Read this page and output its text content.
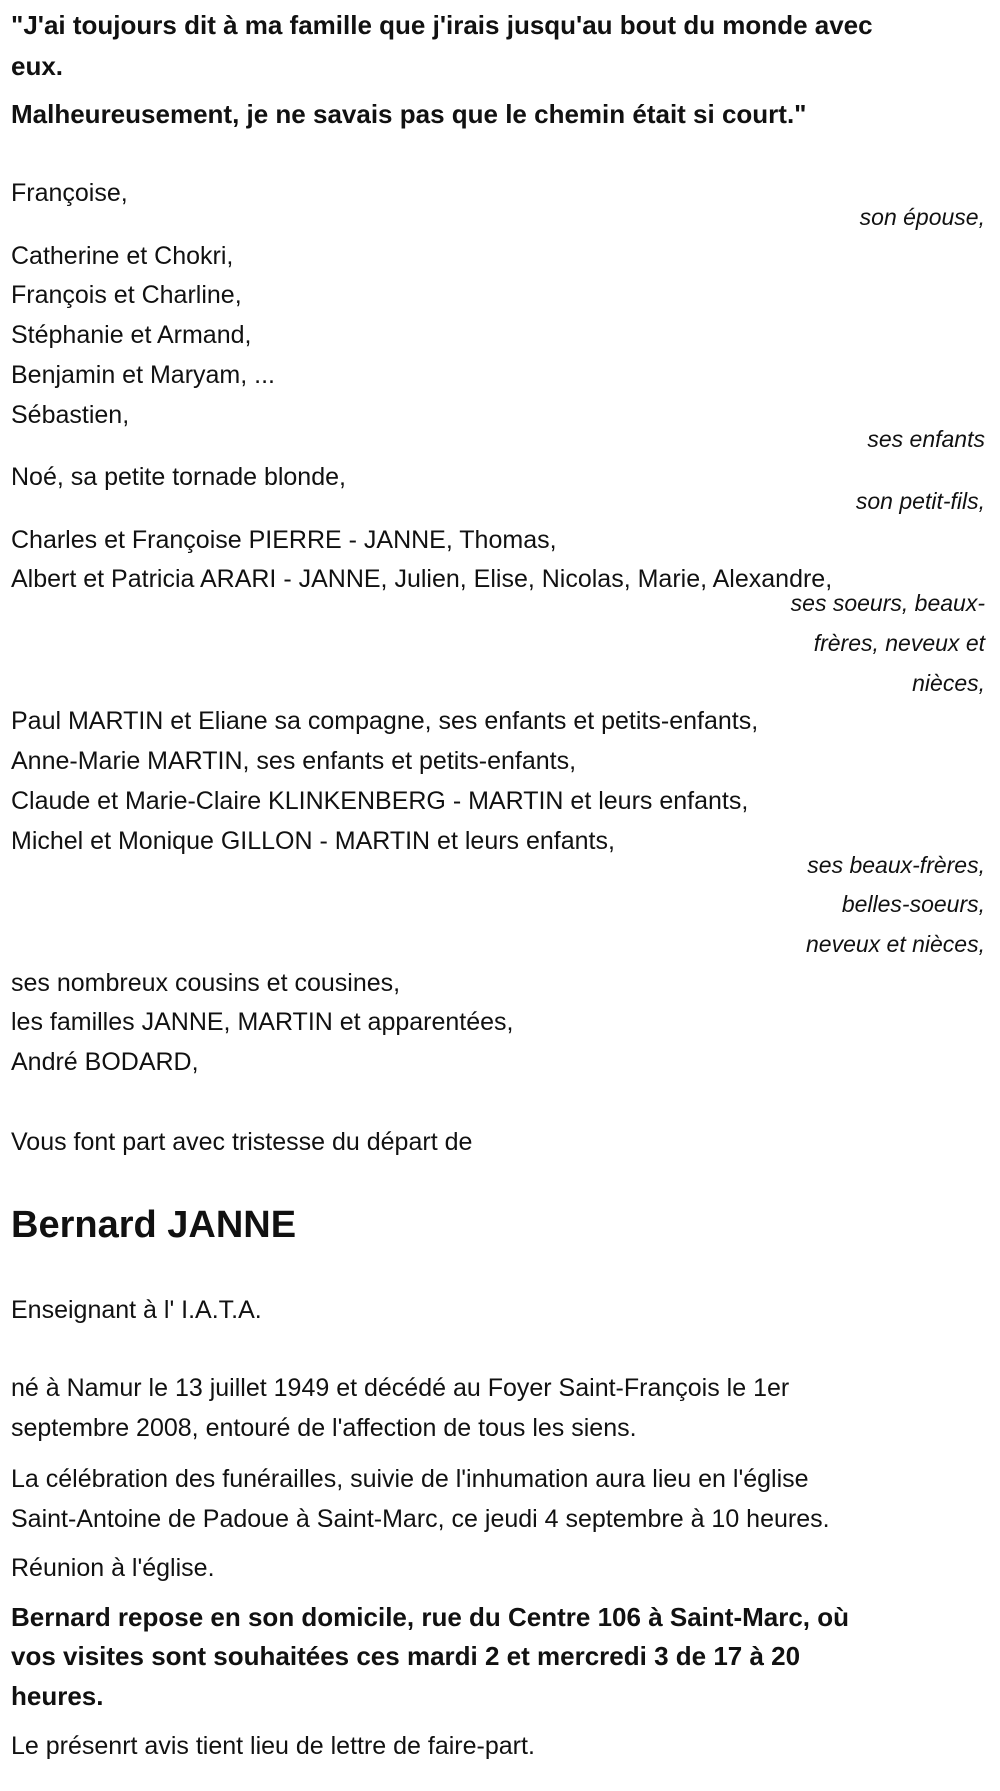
"J'ai toujours dit à ma famille que j'irais jusqu'au bout du monde avec
eux.
Malheureusement, je ne savais pas que le chemin était si court."
Françoise,
son épouse,
Catherine et Chokri,
François et Charline,
Stéphanie et Armand,
Benjamin et Maryam, ...
Sébastien,
ses enfants
Noé, sa petite tornade blonde,
son petit-fils,
Charles et Françoise PIERRE - JANNE, Thomas,
Albert et Patricia ARARI - JANNE, Julien, Elise, Nicolas, Marie, Alexandre,
ses soeurs, beaux-
frères, neveux et
nièces,
Paul MARTIN et Eliane sa compagne, ses enfants et petits-enfants,
Anne-Marie MARTIN, ses enfants et petits-enfants,
Claude et Marie-Claire KLINKENBERG - MARTIN et leurs enfants,
Michel et Monique GILLON - MARTIN et leurs enfants,
ses beaux-frères,
belles-soeurs,
neveux et nièces,
ses nombreux cousins et cousines,
les familles JANNE, MARTIN et apparentées,
André BODARD,
Vous font part avec tristesse du départ de
Bernard JANNE
Enseignant à l' I.A.T.A.
né à Namur le 13 juillet 1949 et décédé au Foyer Saint-François le 1er
septembre 2008, entouré de l'affection de tous les siens.
La célébration des funérailles, suivie de l'inhumation aura lieu en l'église
Saint-Antoine de Padoue à Saint-Marc, ce jeudi 4 septembre à 10 heures.
Réunion à l'église.
Bernard repose en son domicile, rue du Centre 106 à Saint-Marc, où
vos visites sont souhaitées ces mardi 2 et mercredi 3 de 17 à 20
heures.
Le présenrt avis tient lieu de lettre de faire-part.
